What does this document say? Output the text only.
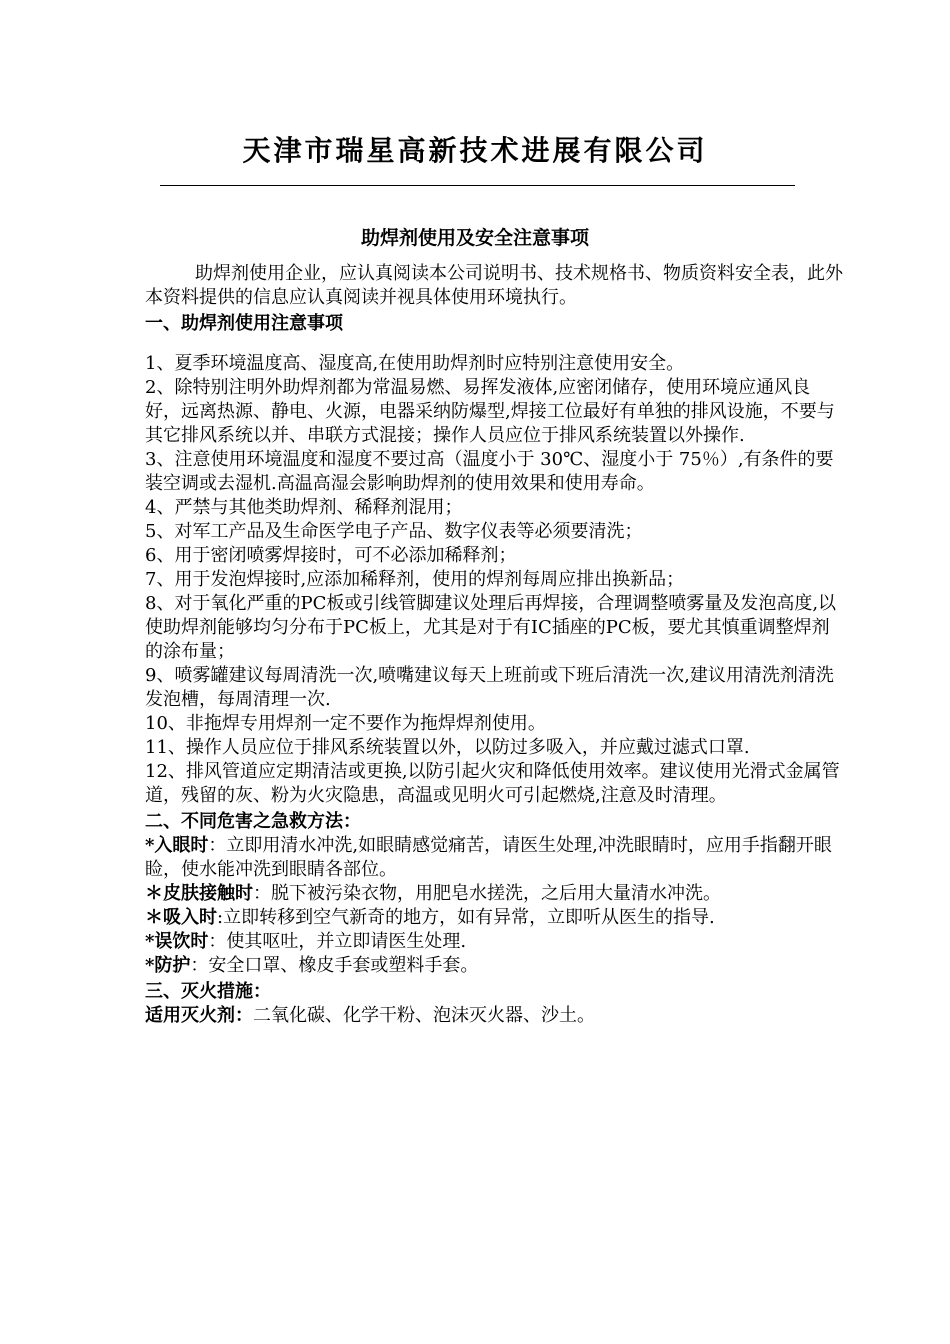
天津市瑞星高新技术进展有限公司
助焊剂使用及安全注意事项

助焊剂使用企业，应认真阅读本公司说明书、技术规格书、物质资料安全表，此外本资料提供的信息应认真阅读并视具体使用环境执行。

一、助焊剂使用注意事项

1、夏季环境温度高、湿度高,在使用助焊剂时应特别注意使用安全。

2、除特别注明外助焊剂都为常温易燃、易挥发液体,应密闭储存，使用环境应通风良好，远离热源、静电、火源，电器采纳防爆型,焊接工位最好有单独的排风设施，不要与其它排风系统以并、串联方式混接；操作人员应位于排风系统装置以外操作.

3、注意使用环境温度和湿度不要过高（温度小于 30℃、湿度小于 75％）,有条件的要装空调或去湿机.高温高湿会影响助焊剂的使用效果和使用寿命。

4、严禁与其他类助焊剂、稀释剂混用；

5、对军工产品及生命医学电子产品、数字仪表等必须要清洗；

6、用于密闭喷雾焊接时，可不必添加稀释剂；

7、用于发泡焊接时,应添加稀释剂，使用的焊剂每周应排出换新品；

8、对于氧化严重的PC板或引线管脚建议处理后再焊接，合理调整喷雾量及发泡高度,以使助焊剂能够均匀分布于PC板上，尤其是对于有IC插座的PC板，要尤其慎重调整焊剂的涂布量；

9、喷雾罐建议每周清洗一次,喷嘴建议每天上班前或下班后清洗一次,建议用清洗剂清洗发泡槽，每周清理一次.

10、非拖焊专用焊剂一定不要作为拖焊焊剂使用。

11、操作人员应位于排风系统装置以外，以防过多吸入，并应戴过滤式口罩.

12、排风管道应定期清洁或更换,以防引起火灾和降低使用效率。建议使用光滑式金属管道，残留的灰、粉为火灾隐患，高温或见明火可引起燃烧,注意及时清理。

二、不同危害之急救方法：

*入眼时：立即用清水冲洗,如眼睛感觉痛苦，请医生处理,冲洗眼睛时，应用手指翻开眼睑，使水能冲洗到眼睛各部位。

＊皮肤接触时：脱下被污染衣物，用肥皂水搓洗，之后用大量清水冲洗。

＊吸入时:立即转移到空气新奇的地方，如有异常，立即听从医生的指导.

*误饮时：使其呕吐，并立即请医生处理.

*防护：安全口罩、橡皮手套或塑料手套。

三、灭火措施：

适用灭火剂：二氧化碳、化学干粉、泡沫灭火器、沙土。
